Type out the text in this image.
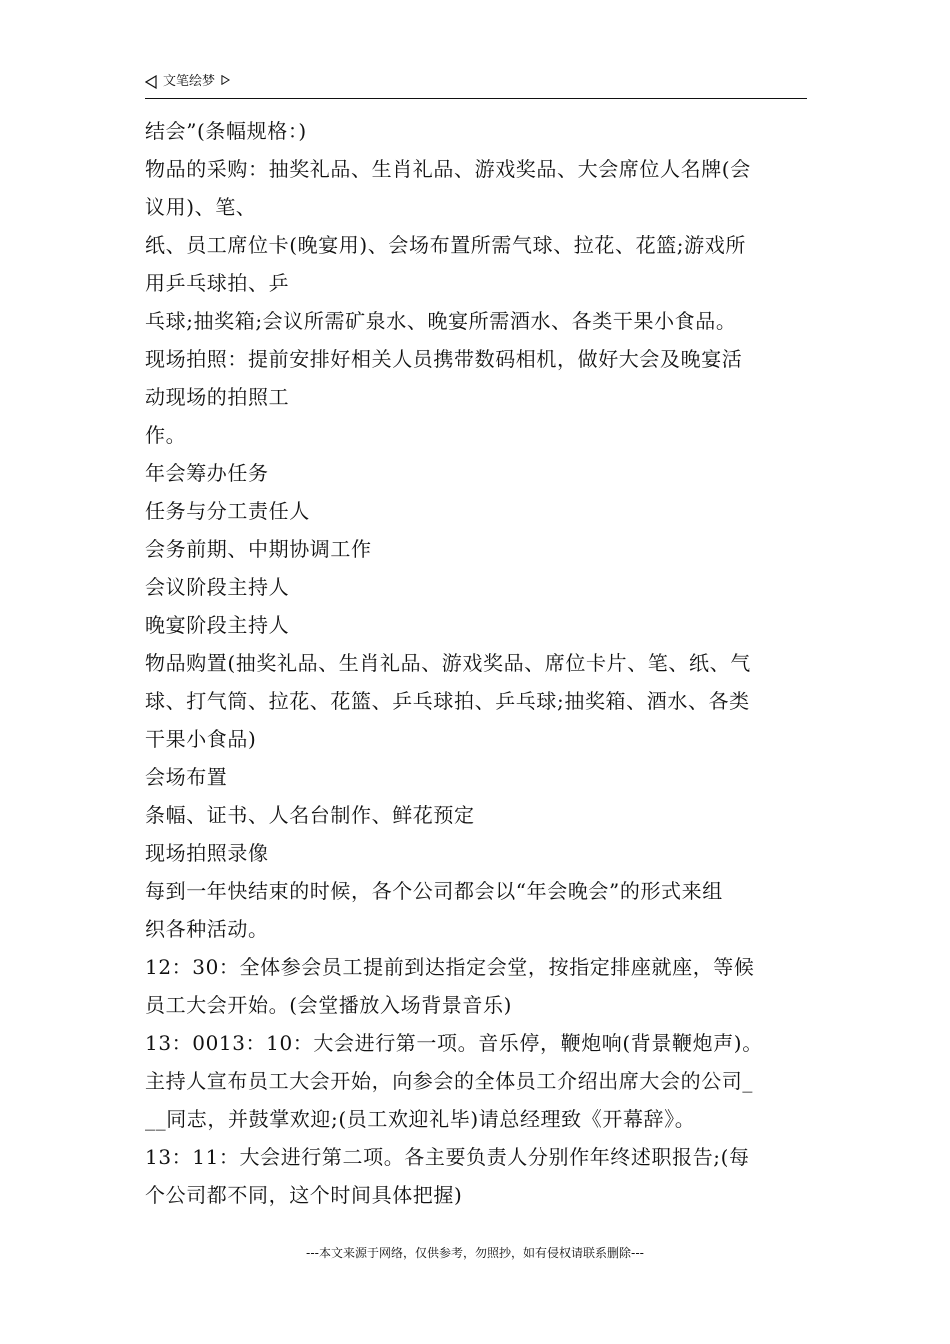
文笔绘梦
结会”(条幅规格：)
物品的采购：抽奖礼品、生肖礼品、游戏奖品、大会席位人名牌(会
议用)、笔、
纸、员工席位卡(晚宴用)、会场布置所需气球、拉花、花篮;游戏所
用乒乓球拍、乒
乓球;抽奖箱;会议所需矿泉水、晚宴所需酒水、各类干果小食品。
现场拍照：提前安排好相关人员携带数码相机，做好大会及晚宴活
动现场的拍照工
作。
年会筹办任务
任务与分工责任人
会务前期、中期协调工作
会议阶段主持人
晚宴阶段主持人
物品购置(抽奖礼品、生肖礼品、游戏奖品、席位卡片、笔、纸、气
球、打气筒、拉花、花篮、乒乓球拍、乒乓球;抽奖箱、酒水、各类
干果小食品)
会场布置
条幅、证书、人名台制作、鲜花预定
现场拍照录像
每到一年快结束的时候，各个公司都会以“年会晚会”的形式来组
织各种活动。
12：30：全体参会员工提前到达指定会堂，按指定排座就座，等候
员工大会开始。(会堂播放入场背景音乐)
13：0013：10：大会进行第一项。音乐停，鞭炮响(背景鞭炮声)。
主持人宣布员工大会开始，向参会的全体员工介绍出席大会的公司_
__同志，并鼓掌欢迎;(员工欢迎礼毕)请总经理致《开幕辞》。
13：11：大会进行第二项。各主要负责人分别作年终述职报告;(每
个公司都不同，这个时间具体把握)
---本文来源于网络，仅供参考，勿照抄，如有侵权请联系删除---
